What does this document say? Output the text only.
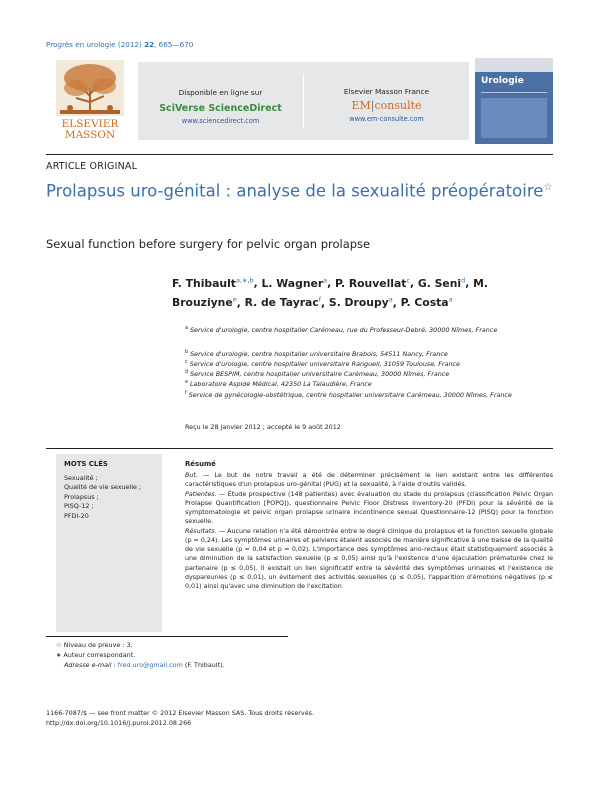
Progrès en urologie (2012) 22, 665—670
ELSEVIER
MASSON
Disponible en ligne sur
SciVerse ScienceDirect
www.sciencedirect.com
Elsevier Masson France
EM|consulte
www.em-consulte.com
Urologie
ARTICLE ORIGINAL
Prolapsus uro-génital : analyse de la sexualité préopératoire☆
Sexual function before surgery for pelvic organ prolapse
F. Thibault$^{a,∗,b}$, L. Wagner$^a$, P. Rouvellat$^c$, G. Seni$^d$, M. Brouziyne$^e$, R. de Tayrac$^f$, S. Droupy$^a$, P. Costa$^a$
$^a$ Service d'urologie, centre hospitalier Carémeau, rue du Professeur-Debré, 30000 Nîmes, France
$^b$ Service d'urologie, centre hospitalier universitaire Brabois, 54511 Nancy, France
$^c$ Service d'urologie, centre hospitalier universitaire Rangueil, 31059 Toulouse, France
$^d$ Service BESPIM, centre hospitalier universitaire Carémeau, 30000 Nîmes, France
$^e$ Laboratoire Aspide Médical, 42350 La Talaudière, France
$^f$ Service de gynécologie-obstétrique, centre hospitalier universitaire Carémeau, 30000 Nîmes, France
Reçu le 28 janvier 2012 ; accepté le 9 août 2012
MOTS CLÉS
Sexualité ;
Qualité de vie sexuelle ;
Prolapsus ;
PISQ-12 ;
PFDI-20
Résumé
But. — Le but de notre travail a été de déterminer précisément le lien existant entre les différentes caractéristiques d'un prolapsus uro-génital (PUG) et la sexualité, à l'aide d'outils validés.
Patientes. — Étude prospective (148 patientes) avec évaluation du stade du prolapsus (classification Pelvic Organ Prolapse Quantification [POPQ]), questionnaire Pelvic Floor Distress Inventory-20 (PFDI) pour la sévérité de la symptomatologie et pelvic organ prolapse urinaire incontinence sexual Questionnaire-12 (PISQ) pour la fonction sexuelle.
Résultats. — Aucune relation n'a été démontrée entre le degré clinique du prolapsus et la fonction sexuelle globale (p = 0,24). Les symptômes urinaires et pelviens étaient associés de manière significative à une baisse de la qualité de vie sexuelle (p = 0,04 et p = 0,02). L'importance des symptômes ano-rectaux était statistiquement associés à une diminution de la satisfaction sexuelle (p ≤ 0,05) ainsi qu'à l'existence d'une éjaculation prématurée chez le partenaire (p ≤ 0,05). Il existait un lien significatif entre la sévérité des symptômes urinaires et l'existence de dyspareunies (p ≤ 0,01), un évitement des activités sexuelles (p ≤ 0,05), l'apparition d'émotions négatives (p ≤ 0,01) ainsi qu'avec une diminution de l'excitation
☆ Niveau de preuve : 3.
∗ Auteur correspondant.
Adresse e-mail : fred.uro@gmail.com (F. Thibault).
1166-7087/$ — see front matter © 2012 Elsevier Masson SAS. Tous droits réservés.
http://dx.doi.org/10.1016/j.purol.2012.08.266
